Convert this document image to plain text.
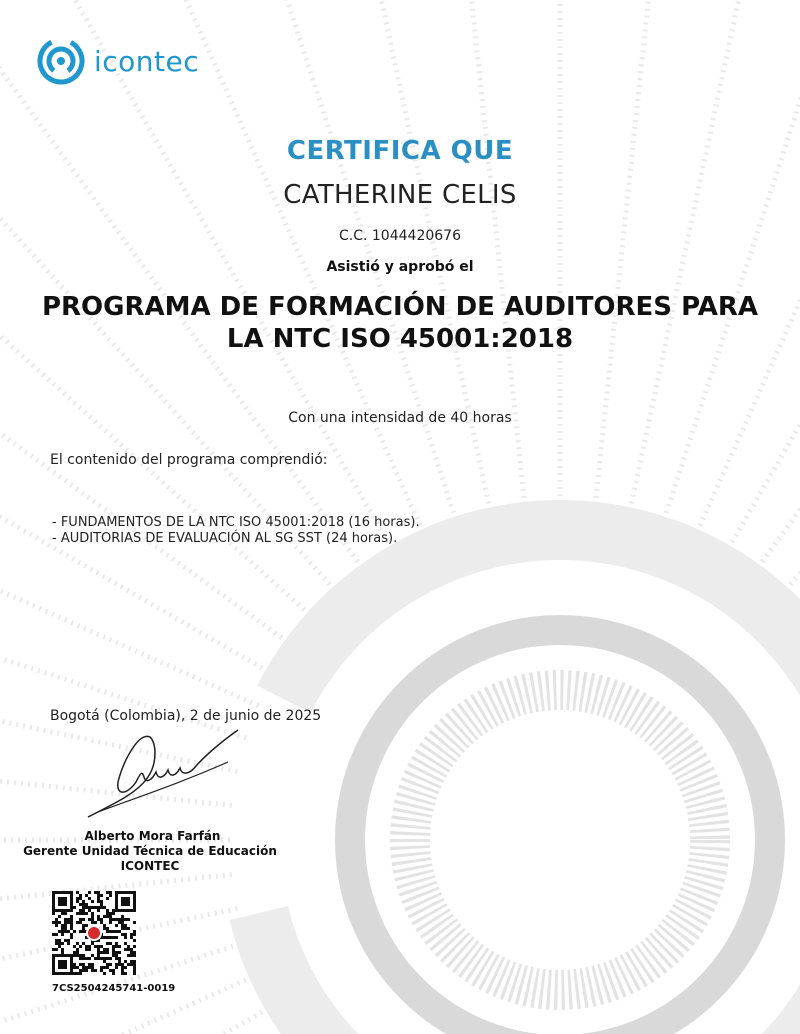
icontec
CERTIFICA QUE
CATHERINE CELIS
C.C. 1044420676
Asistió y aprobó el
PROGRAMA DE FORMACIÓN DE AUDITORES PARA
LA NTC ISO 45001:2018
Con una intensidad de 40 horas
El contenido del programa comprendió:
- FUNDAMENTOS DE LA NTC ISO 45001:2018 (16 horas).
- AUDITORIAS DE EVALUACIÓN AL SG SST (24 horas).
Bogotá (Colombia), 2 de junio de 2025
Alberto Mora Farfán
Gerente Unidad Técnica de Educación ICONTEC
7CS2504245741-0019
